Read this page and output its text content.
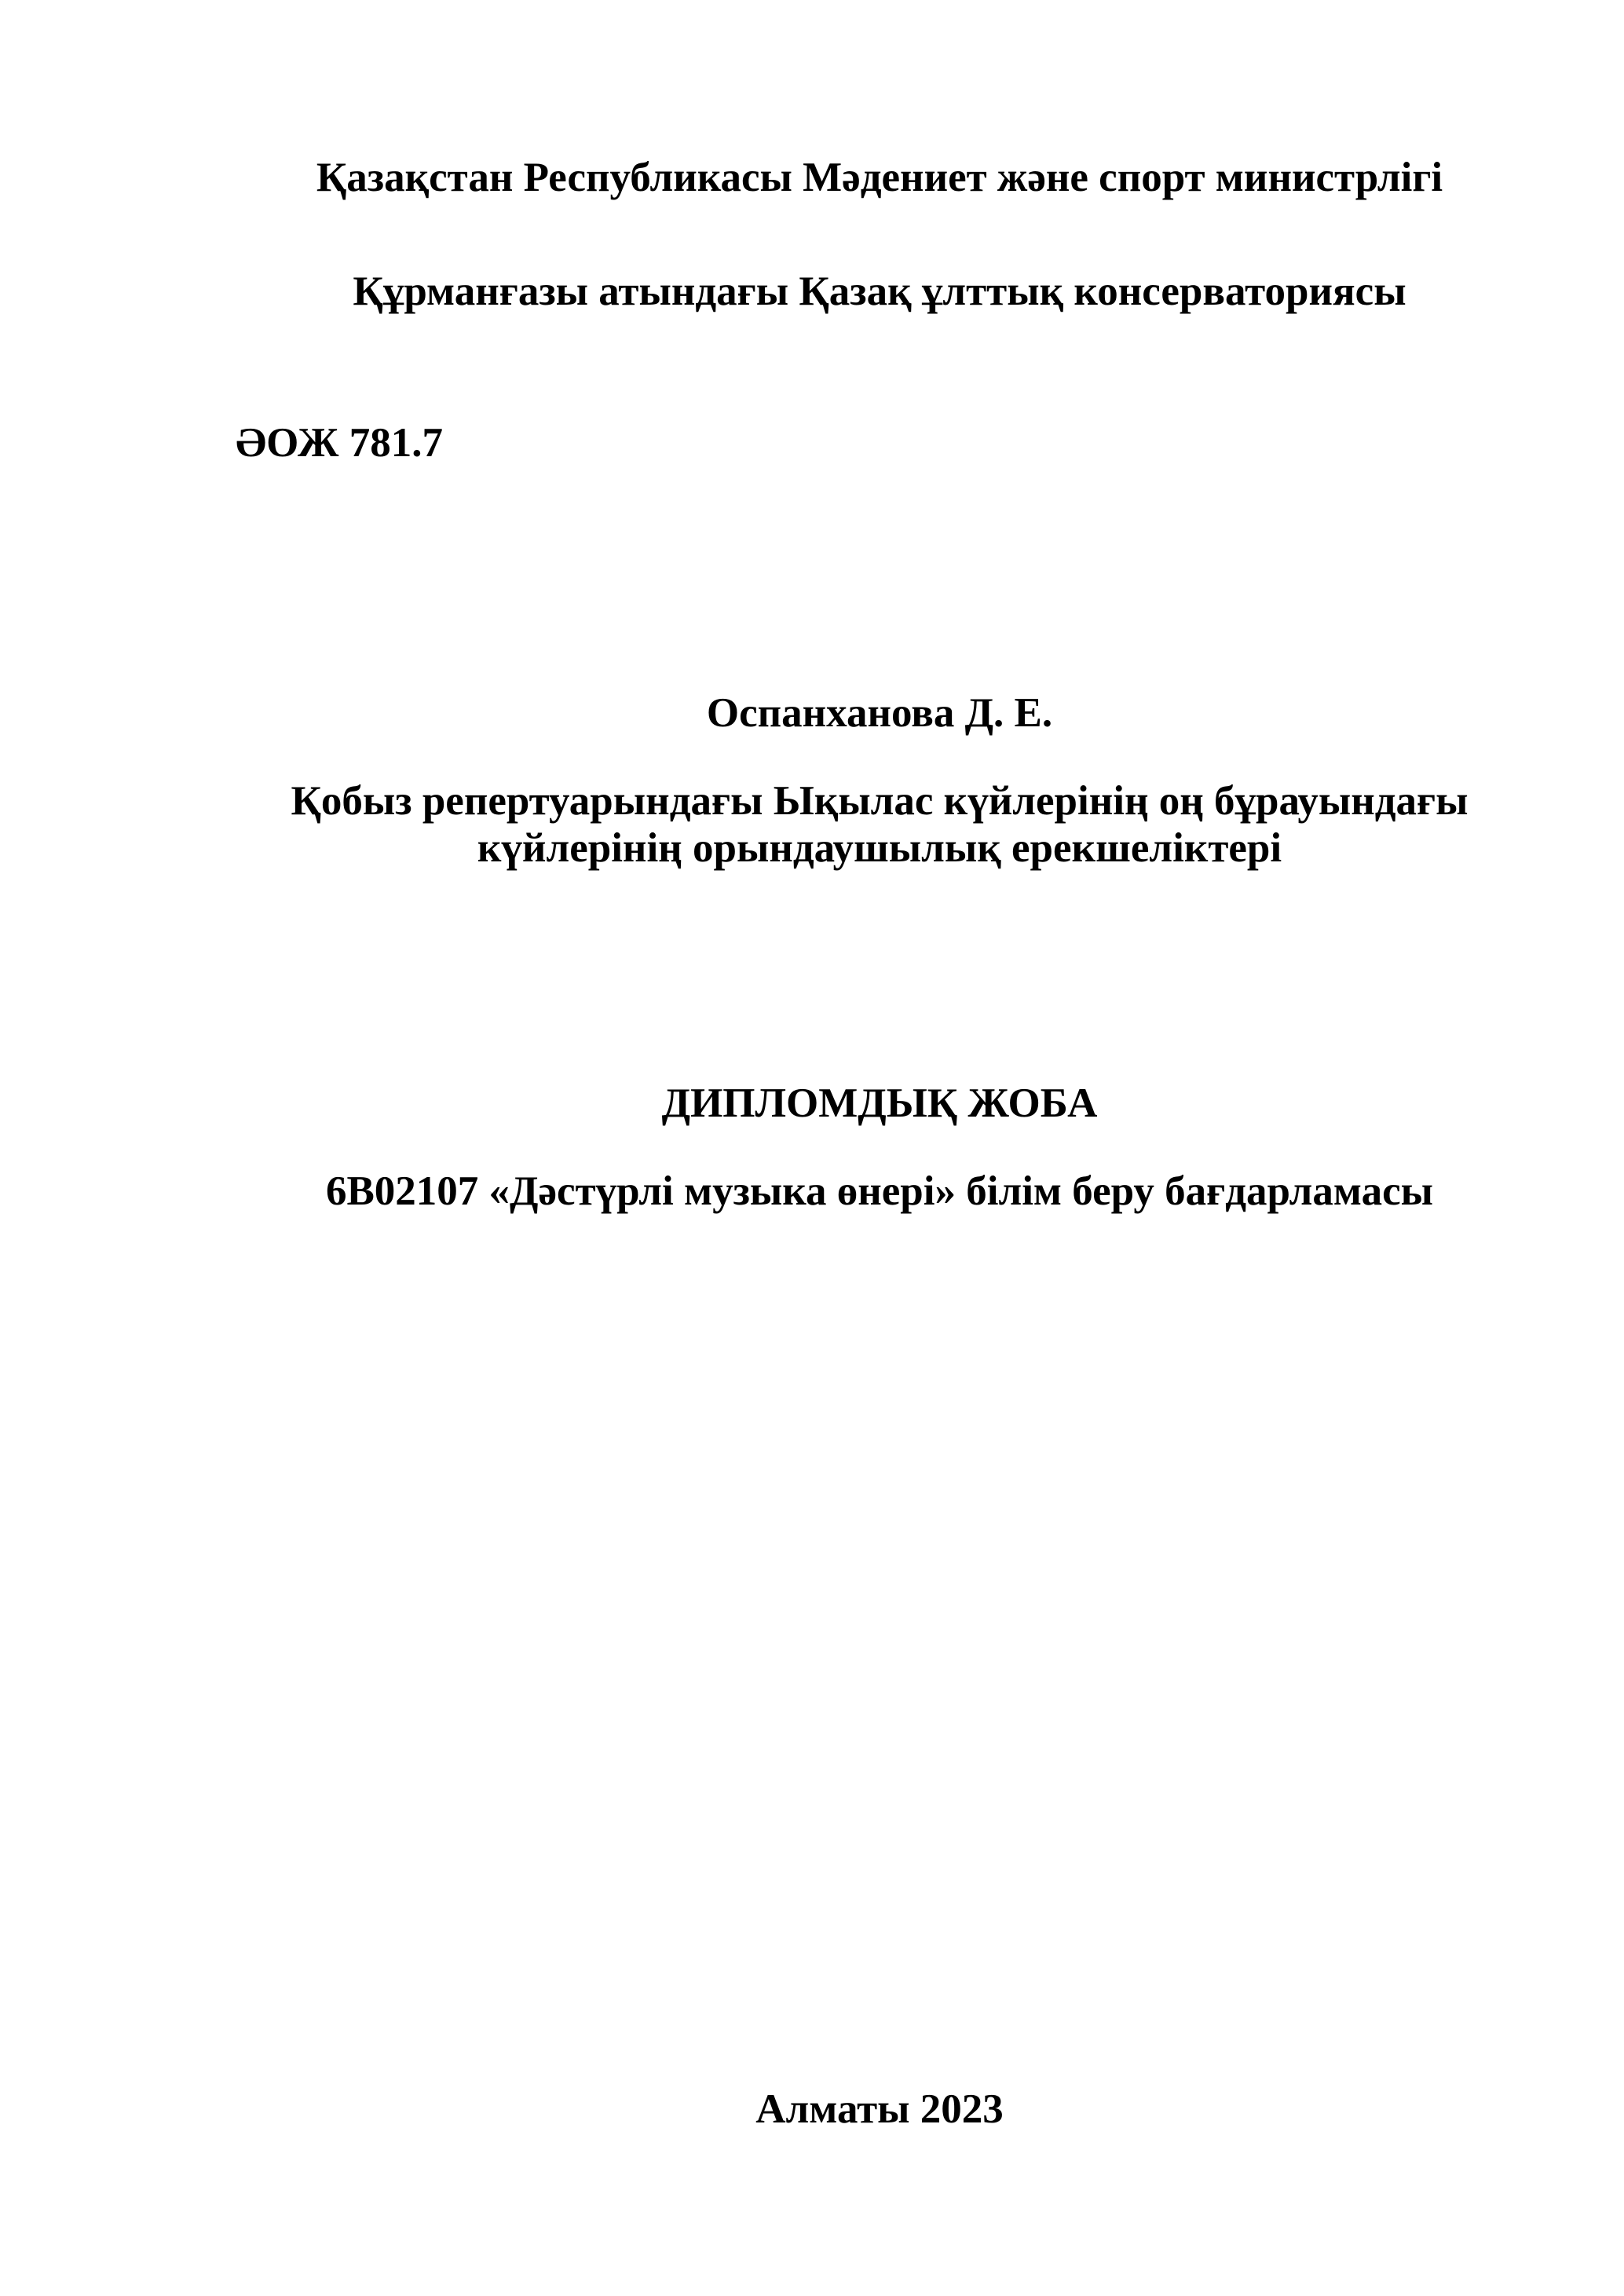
Қазақстан Республикасы Мәдениет және спорт министрлігі
Құрманғазы атындағы Қазақ ұлттық консерваториясы
ӘОЖ 781.7
Оспанханова Д. Е.
Қобыз репертуарындағы Ықылас күйлерінің оң бұрауындағы
күйлерінің орындаушылық ерекшеліктері
ДИПЛОМДЫҚ ЖОБА
6В02107 «Дәстүрлі музыка өнері» білім беру бағдарламасы
Алматы 2023
